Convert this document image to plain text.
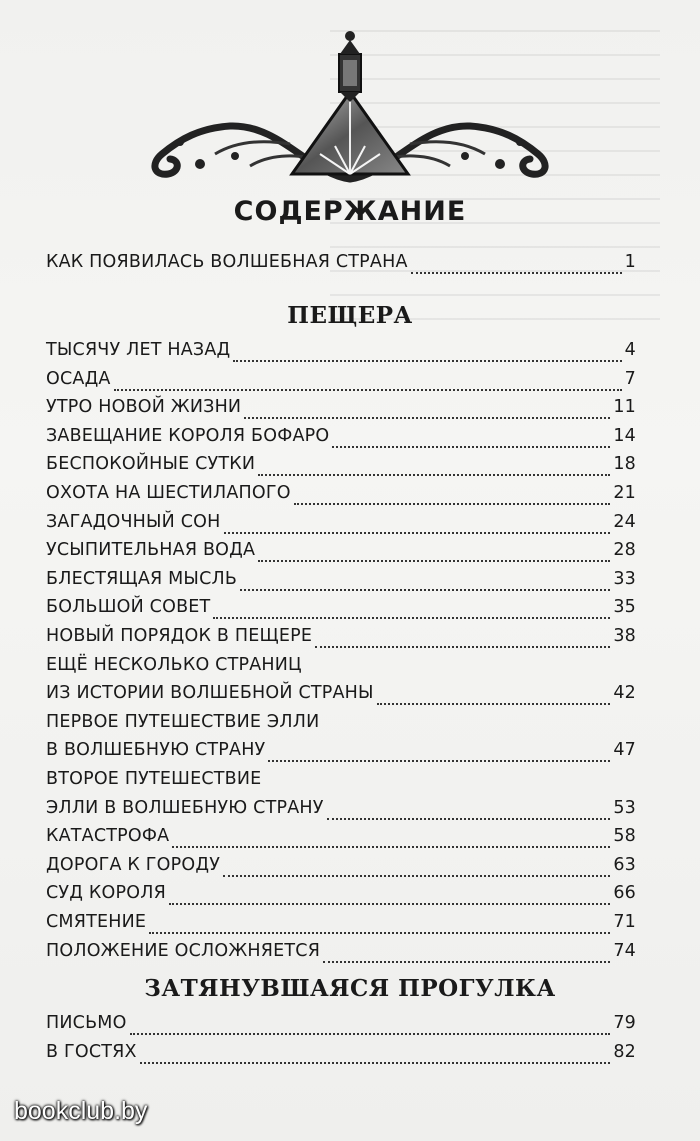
СОДЕРЖАНИЕ
КАК ПОЯВИЛАСЬ ВОЛШЕБНАЯ СТРАНА	1
ПЕЩЕРА
ТЫСЯЧУ ЛЕТ НАЗАД	4
ОСАДА	7
УТРО НОВОЙ ЖИЗНИ	11
ЗАВЕЩАНИЕ КОРОЛЯ БОФАРО	14
БЕСПОКОЙНЫЕ СУТКИ	18
ОХОТА НА ШЕСТИЛАПОГО	21
ЗАГАДОЧНЫЙ СОН	24
УСЫПИТЕЛЬНАЯ ВОДА	28
БЛЕСТЯЩАЯ МЫСЛЬ	33
БОЛЬШОЙ СОВЕТ	35
НОВЫЙ ПОРЯДОК В ПЕЩЕРЕ	38
ЕЩЁ НЕСКОЛЬКО СТРАНИЦ
ИЗ ИСТОРИИ ВОЛШЕБНОЙ СТРАНЫ	42
ПЕРВОЕ ПУТЕШЕСТВИЕ ЭЛЛИ
В ВОЛШЕБНУЮ СТРАНУ	47
ВТОРОЕ ПУТЕШЕСТВИЕ
ЭЛЛИ В ВОЛШЕБНУЮ СТРАНУ	53
КАТАСТРОФА	58
ДОРОГА К ГОРОДУ	63
СУД КОРОЛЯ	66
СМЯТЕНИЕ	71
ПОЛОЖЕНИЕ ОСЛОЖНЯЕТСЯ	74
ЗАТЯНУВШАЯСЯ ПРОГУЛКА
ПИСЬМО	79
В ГОСТЯХ	82
bookclub.by
